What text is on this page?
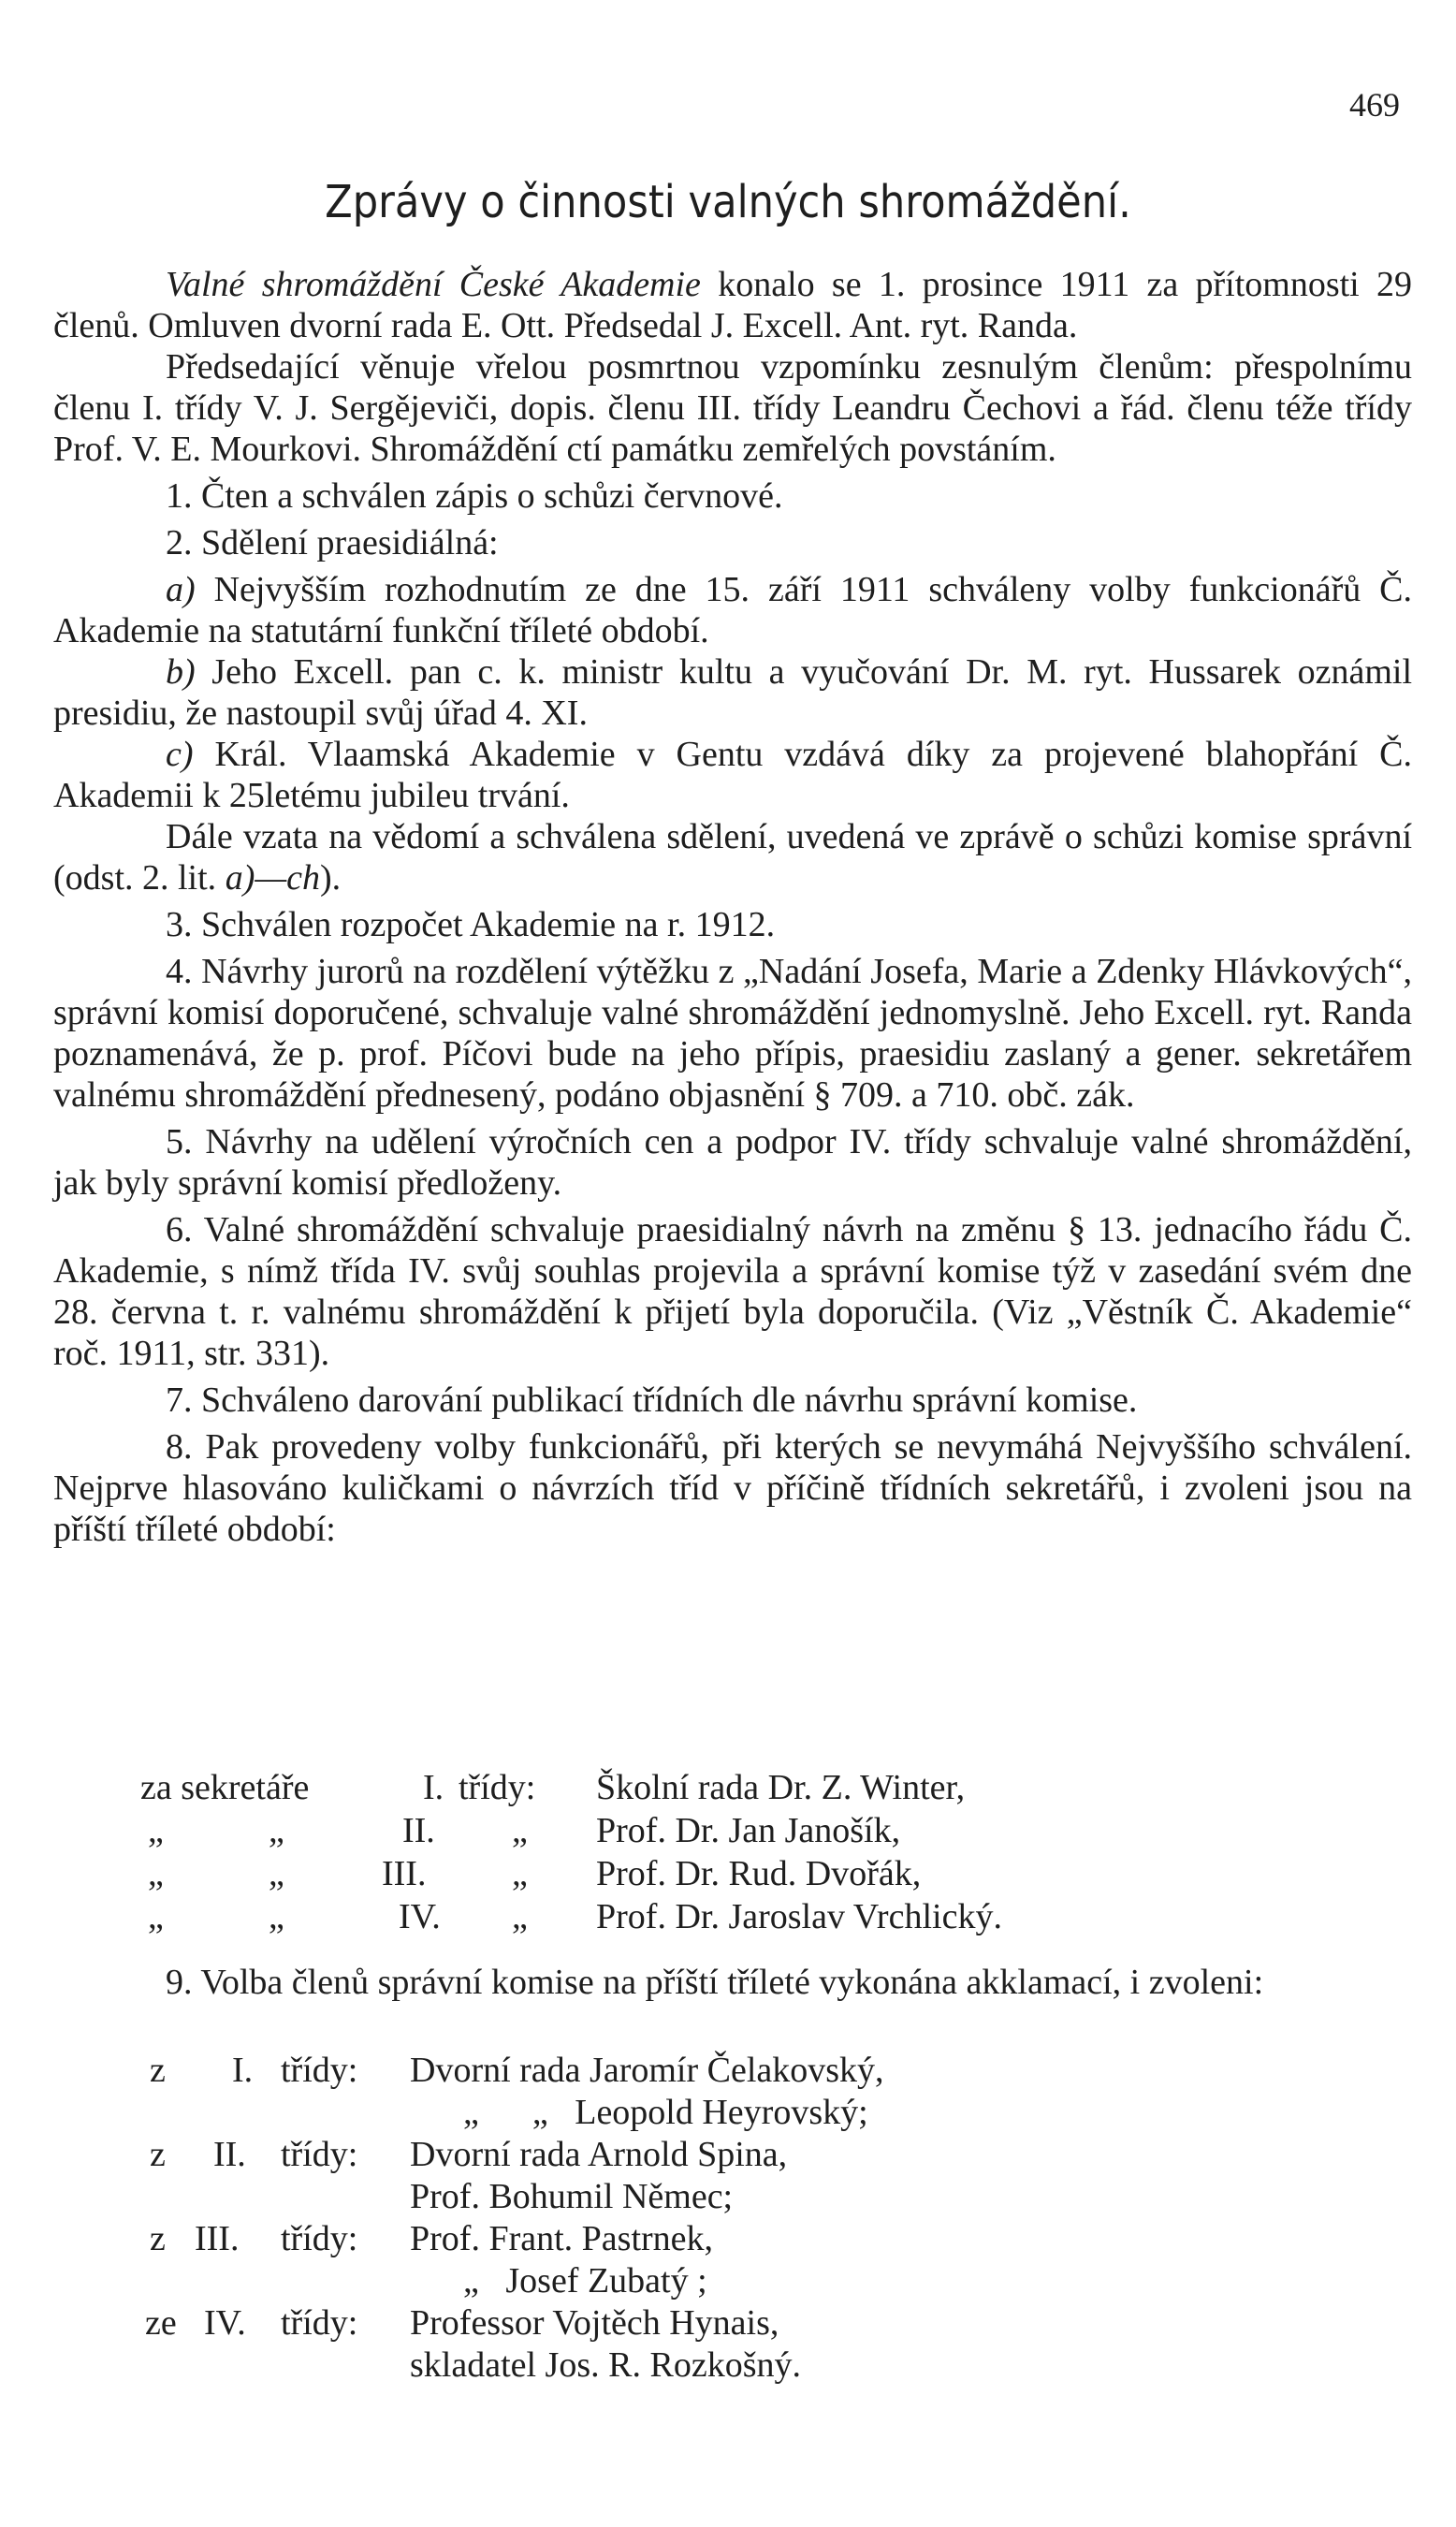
469
Zprávy o činnosti valných shromáždění.

Valné shromáždění České Akademie konalo se 1. prosince 1911 za přítomnosti 29 členů. Omluven dvorní rada E. Ott. Předsedal J. Excell. Ant. ryt. Randa.

Předsedající věnuje vřelou posmrtnou vzpomínku zesnulým členům: přespolnímu členu I. třídy V. J. Sergějeviči, dopis. členu III. třídy Leandru Čechovi a řád. členu téže třídy Prof. V. E. Mourkovi. Shromáždění ctí památku zemřelých povstáním.

1. Čten a schválen zápis o schůzi červnové.

2. Sdělení praesidiálná:

a) Nejvyšším rozhodnutím ze dne 15. září 1911 schváleny volby funkcionářů Č. Akademie na statutární funkční tříleté období.

b) Jeho Excell. pan c. k. ministr kultu a vyučování Dr. M. ryt. Hussarek oznámil presidiu, že nastoupil svůj úřad 4. XI.

c) Král. Vlaamská Akademie v Gentu vzdává díky za projevené blahopřání Č. Akademii k 25letému jubileu trvání.

Dále vzata na vědomí a schválena sdělení, uvedená ve zprávě o schůzi komise správní (odst. 2. lit. a)—ch).

3. Schválen rozpočet Akademie na r. 1912.

4. Návrhy jurorů na rozdělení výtěžku z „Nadání Josefa, Marie a Zdenky Hlávkových“, správní komisí doporučené, schvaluje valné shromáždění jednomyslně. Jeho Excell. ryt. Randa poznamenává, že p. prof. Píčovi bude na jeho přípis, praesidiu zaslaný a gener. sekretářem valnému shromáždění přednesený, podáno objasnění § 709. a 710. obč. zák.

5. Návrhy na udělení výročních cen a podpor IV. třídy schvaluje valné shromáždění, jak byly správní komisí předloženy.

6. Valné shromáždění schvaluje praesidialný návrh na změnu § 13. jednacího řádu Č. Akademie, s nímž třída IV. svůj souhlas projevila a správní komise týž v zasedání svém dne 28. června t. r. valnému shromáždění k přijetí byla doporučila. (Viz „Věstník Č. Akademie“ roč. 1911, str. 331).

7. Schváleno darování publikací třídních dle návrhu správní komise.

8. Pak provedeny volby funkcionářů, při kterých se nevymáhá Nejvyššího schválení. Nejprve hlasováno kuličkami o návrzích tříd v příčině třídních sekretářů, i zvoleni jsou na příští tříleté období:

za sekretáře	I. třídy: Školní rada Dr. Z. Winter,
„	„	II. „ Prof. Dr. Jan Janošík,
„	„	III. „ Prof. Dr. Rud. Dvořák,
„	„	IV. „ Prof. Dr. Jaroslav Vrchlický.

9. Volba členů správní komise na příští tříleté vykonána akklamací, i zvoleni:

z I. třídy: Dvorní rada Jaromír Čelakovský,
„      „   Leopold Heyrovský;
z II. třídy: Dvorní rada Arnold Spina,
Prof. Bohumil Němec;
z III. třídy: Prof. Frant. Pastrnek,
„   Josef Zubatý ;
ze IV. třídy: Professor Vojtěch Hynais,
skladatel Jos. R. Rozkošný.
